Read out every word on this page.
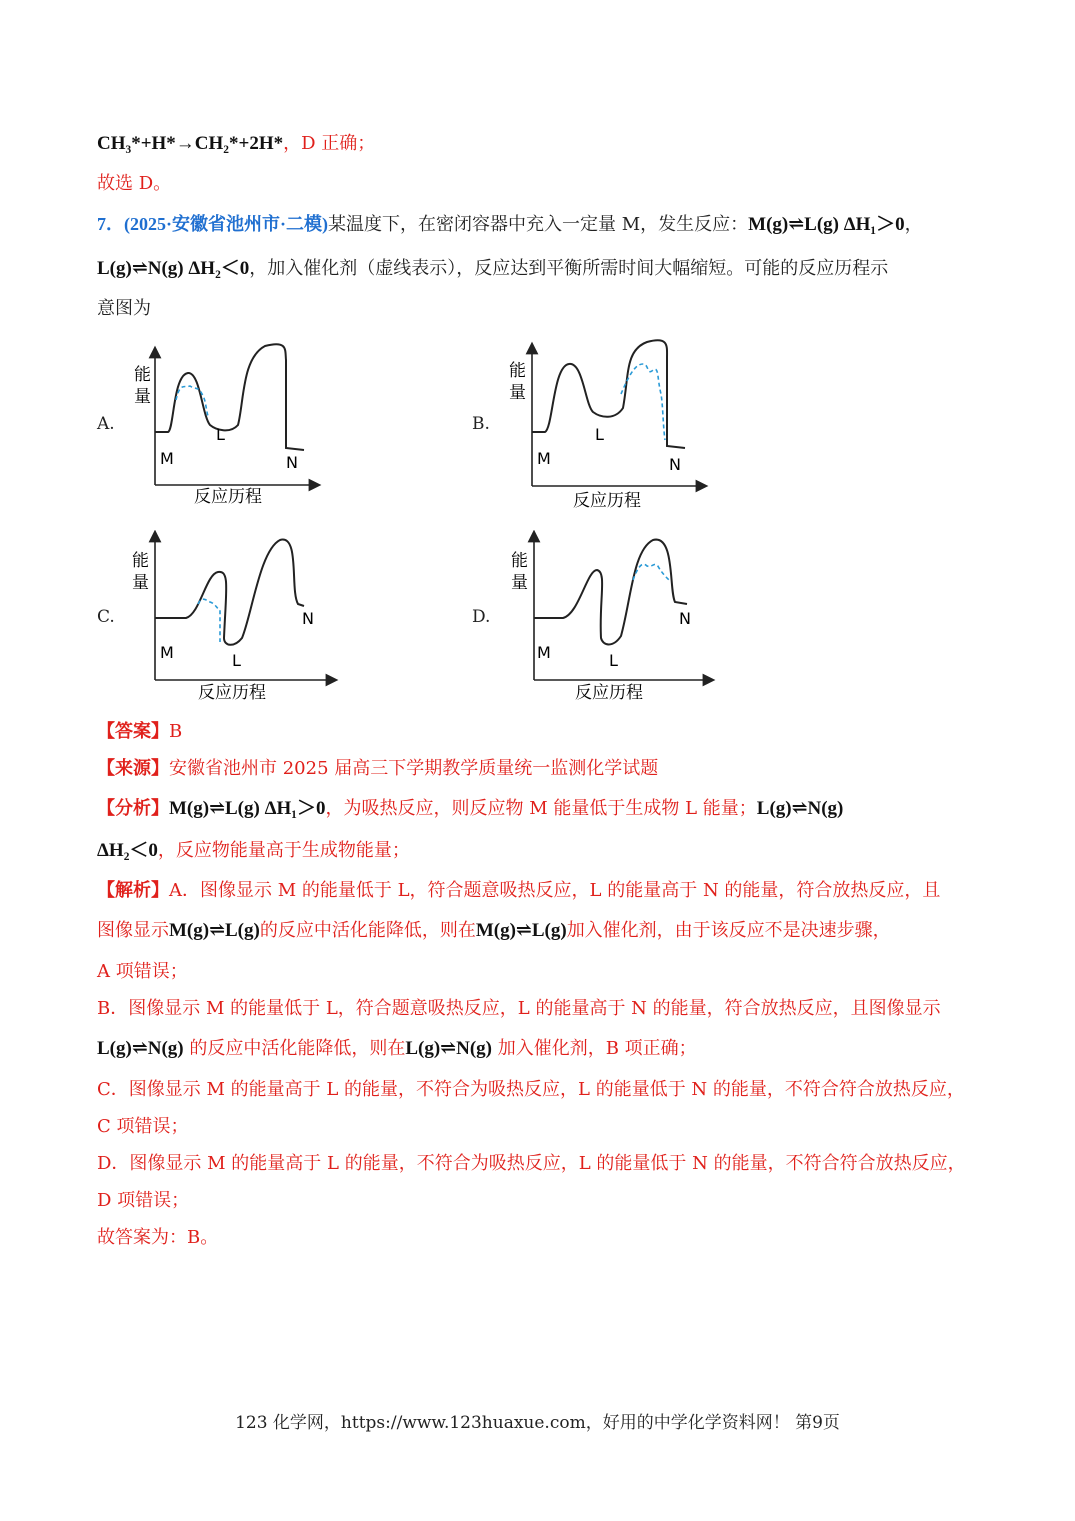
CH₃*+H*→CH₂*+2H*，D 正确；
故选 D。
7．(2025·安徽省池州市·二模)某温度下，在密闭容器中充入一定量 M，发生反应：M(g)⇌L(g) ΔH₁＞0，
L(g)⇌N(g) ΔH₂＜0，加入催化剂（虚线表示），反应达到平衡所需时间大幅缩短。可能的反应历程示
意图为
A.	B.
C.	D.
能量
反应历程
M
L
N
能量
反应历程
M
L
N
能量
反应历程
M	L
N
能量
反应历程
M	L
N
【答案】B
【来源】安徽省池州市 2025 届高三下学期教学质量统一监测化学试题
【分析】M(g)⇌L(g) ΔH₁＞0，为吸热反应，则反应物 M 能量低于生成物 L 能量；L(g)⇌N(g)
ΔH₂＜0，反应物能量高于生成物能量；
【解析】A．图像显示 M 的能量低于 L，符合题意吸热反应，L 的能量高于 N 的能量，符合放热反应，且
图像显示M(g)⇌L(g)的反应中活化能降低，则在M(g)⇌L(g)加入催化剂，由于该反应不是决速步骤，
A 项错误；
B．图像显示 M 的能量低于 L，符合题意吸热反应，L 的能量高于 N 的能量，符合放热反应，且图像显示
L(g)⇌N(g) 的反应中活化能降低，则在L(g)⇌N(g) 加入催化剂，B 项正确；
C．图像显示 M 的能量高于 L 的能量，不符合为吸热反应，L 的能量低于 N 的能量，不符合符合放热反应，
C 项错误；
D．图像显示 M 的能量高于 L 的能量，不符合为吸热反应，L 的能量低于 N 的能量，不符合符合放热反应，
D 项错误；
故答案为：B。
123 化学网，https://www.123huaxue.com，好用的中学化学资料网！ 第9页
